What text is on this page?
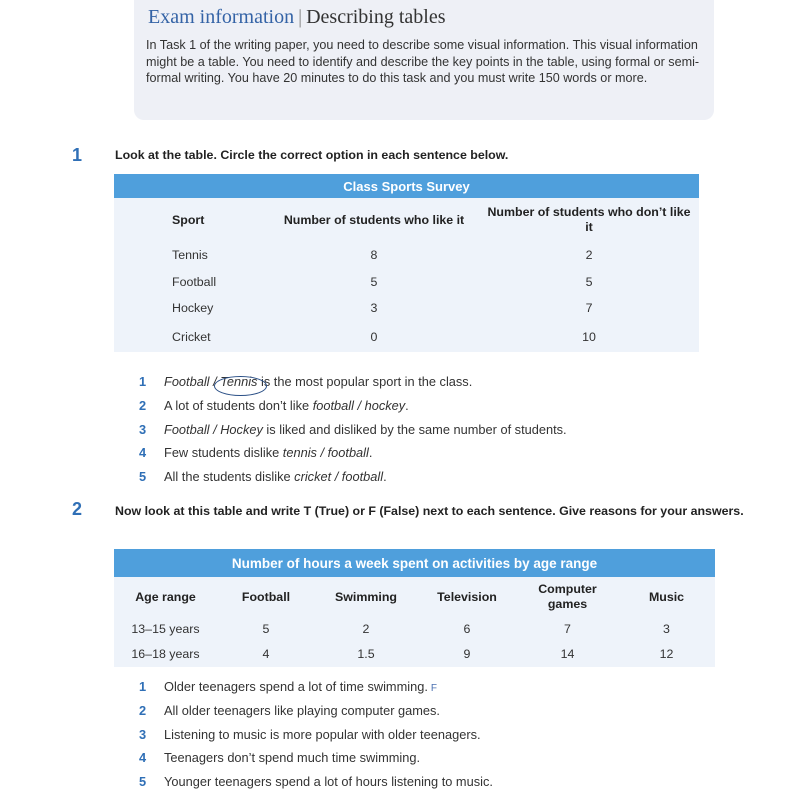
Exam information | Describing tables

In Task 1 of the writing paper, you need to describe some visual information. This visual information might be a table. You need to identify and describe the key points in the table, using formal or semi-formal writing. You have 20 minutes to do this task and you must write 150 words or more.

1	Look at the table. Circle the correct option in each sentence below.

Class Sports Survey		
Sport	Number of students who like it	Number of students who don’t like it
Tennis	8	2
Football	5	5
Hockey	3	7
Cricket	0	10
1 Football / Tennis
is the most popular sport in the class.
2 A lot of students don’t like football / hockey.
3 Football / Hockey is liked and disliked by the same number of students.
4 Few students dislike tennis / football.
5 All the students dislike cricket / football.
2	Now look at this table and write T (True) or F (False) next to each sentence. Give reasons for your answers.

Number of hours a week spent on activities by age range					
Age range	Football	Swimming	Television	Computer games	Music
13–15 years	5	2	6	7	3
16–18 years	4	1.5	9	14	12
1 Older teenagers spend a lot of time swimming. F
2 All older teenagers like playing computer games.
3 Listening to music is more popular with older teenagers.
4 Teenagers don’t spend much time swimming.
5 Younger teenagers spend a lot of hours listening to music.
